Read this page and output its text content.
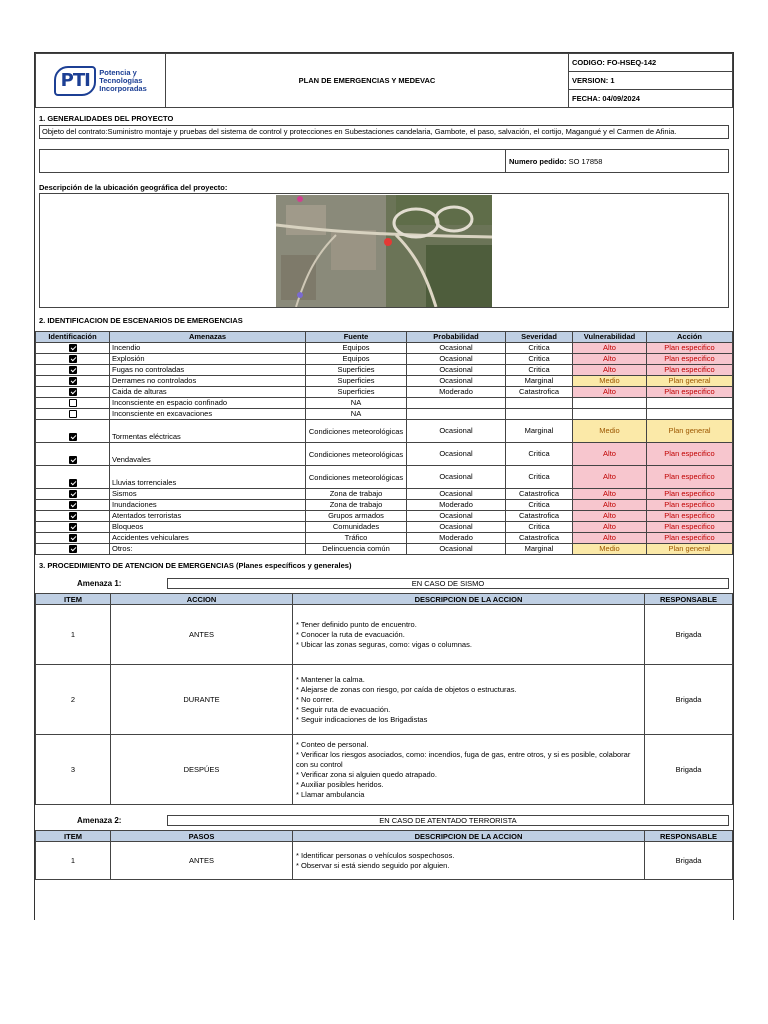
PTI	Potencia y
Tecnologías
Incorporadas
	PLAN DE EMERGENCIAS Y MEDEVAC	CODIGO: FO-HSEQ-142
VERSION: 1
FECHA: 04/09/2024
1. GENERALIDADES DEL PROYECTO
Objeto del contrato:Suministro montaje y pruebas del sistema de control y protecciones en Subestaciones candelaria, Gambote, el paso, salvación, el cortijo, Magangué y el Carmen de Afinia.
Numero pedido:
SO 17858
Descripción de la ubicación geográfica del proyecto:
2. IDENTIFICACION DE ESCENARIOS DE EMERGENCIAS
Identificación	Amenazas	Fuente	Probabilidad	Severidad	Vulnerabilidad	Acción
	Incendio	Equipos	Ocasional	Critica	Alto	Plan especifico
	Explosión	Equipos	Ocasional	Critica	Alto	Plan especifico
	Fugas no controladas	Superficies	Ocasional	Critica	Alto	Plan especifico
	Derrames no controlados	Superficies	Ocasional	Marginal	Medio	Plan general
	Caida de alturas	Superficies	Moderado	Catastrofica	Alto	Plan especifico
	Inconsciente en espacio confinado	NA				
	Inconsciente en excavaciones	NA				
	Tormentas eléctricas	Condiciones meteorológicas	Ocasional	Marginal	Medio	Plan general
	Vendavales	Condiciones meteorológicas	Ocasional	Critica	Alto	Plan especifico
	Lluvias torrenciales	Condiciones meteorológicas	Ocasional	Critica	Alto	Plan especifico
	Sismos	Zona de trabajo	Ocasional	Catastrofica	Alto	Plan especifico
	Inundaciones	Zona de trabajo	Moderado	Critica	Alto	Plan especifico
	Atentados terroristas	Grupos armados	Ocasional	Catastrofica	Alto	Plan especifico
	Bloqueos	Comunidades	Ocasional	Critica	Alto	Plan especifico
	Accidentes vehiculares	Tráfico	Moderado	Catastrofica	Alto	Plan especifico
	Otros:	Delincuencia común	Ocasional	Marginal	Medio	Plan general
3. PROCEDIMIENTO DE ATENCION DE EMERGENCIAS (Planes específicos y generales)
Amenaza 1:	EN CASO DE SISMO
ITEM	ACCION	DESCRIPCION DE LA ACCION	RESPONSABLE
1	ANTES	* Tener definido punto de encuentro.
* Conocer la ruta de evacuación.
* Ubicar las zonas seguras, como: vigas o columnas.	Brigada
2	DURANTE	* Mantener la calma.
* Alejarse de zonas con riesgo, por caída de objetos o estructuras.
* No correr.
* Seguir ruta de evacuación.
* Seguir indicaciones de los Brigadistas	Brigada
3	DESPÚES	* Conteo de personal.
* Verificar los riesgos asociados, como: incendios, fuga de gas, entre otros, y si es posible, colaborar con su control
* Verificar zona si alguien quedo atrapado.
* Auxiliar posibles heridos.
* Llamar ambulancia	Brigada
Amenaza 2:	EN CASO DE ATENTADO TERRORISTA
ITEM	PASOS	DESCRIPCION DE LA ACCION	RESPONSABLE
1	ANTES	* Identificar personas o vehículos sospechosos.
* Observar si está siendo seguido por alguien.	Brigada
